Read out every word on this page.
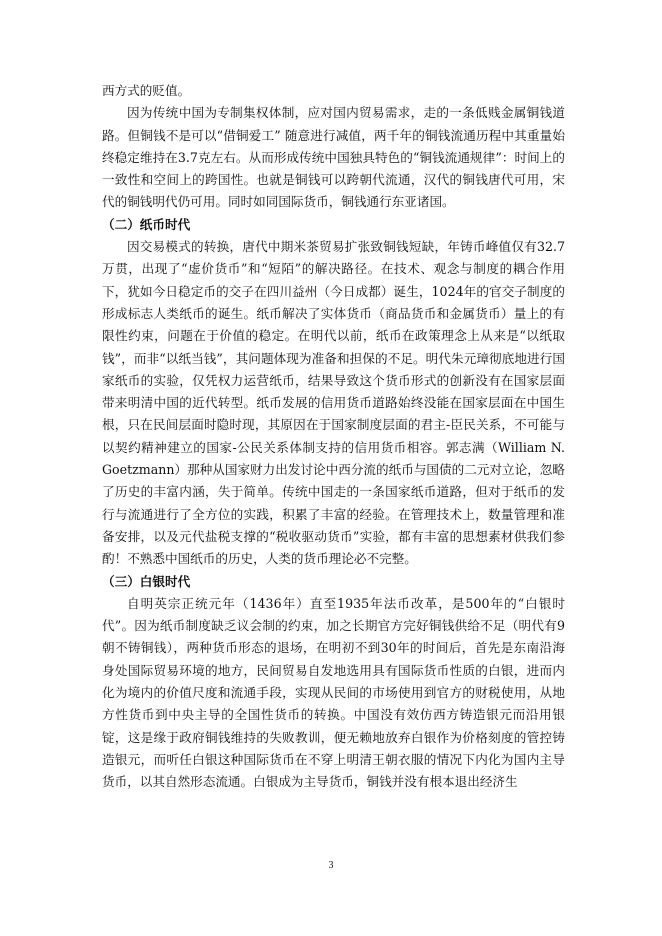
西方式的贬值。

因为传统中国为专制集权体制，应对国内贸易需求，走的一条低贱金属铜钱道路。但铜钱不是可以“借铜爱工” 随意进行减值，两千年的铜钱流通历程中其重量始终稳定维持在3.7克左右。从而形成传统中国独具特色的“铜钱流通规律”：时间上的一致性和空间上的跨国性。也就是铜钱可以跨朝代流通，汉代的铜钱唐代可用，宋代的铜钱明代仍可用。同时如同国际货币，铜钱通行东亚诸国。

（二）纸币时代

因交易模式的转换，唐代中期米茶贸易扩张致铜钱短缺，年铸币峰值仅有32.7万贯，出现了“虚价货币”和“短陌”的解决路径。在技术、观念与制度的耦合作用下，犹如今日稳定币的交子在四川益州（今日成都）诞生，1024年的官交子制度的形成标志人类纸币的诞生。纸币解决了实体货币（商品货币和金属货币）量上的有限性约束，问题在于价值的稳定。在明代以前，纸币在政策理念上从来是“以纸取钱”，而非“以纸当钱”，其问题体现为准备和担保的不足。明代朱元璋彻底地进行国家纸币的实验，仅凭权力运营纸币，结果导致这个货币形式的创新没有在国家层面带来明清中国的近代转型。纸币发展的信用货币道路始终没能在国家层面在中国生根，只在民间层面时隐时现，其原因在于国家制度层面的君主-臣民关系，不可能与以契约精神建立的国家-公民关系体制支持的信用货币相容。郭志满（William N. Goetzmann）那种从国家财力出发讨论中西分流的纸币与国债的二元对立论，忽略了历史的丰富内涵，失于简单。传统中国走的一条国家纸币道路，但对于纸币的发行与流通进行了全方位的实践，积累了丰富的经验。在管理技术上，数量管理和准备安排，以及元代盐税支撑的“税收驱动货币”实验，都有丰富的思想素材供我们参酌！不熟悉中国纸币的历史，人类的货币理论必不完整。

（三）白银时代

自明英宗正统元年（1436年）直至1935年法币改革，是500年的“白银时代”。因为纸币制度缺乏议会制的约束，加之长期官方完好铜钱供给不足（明代有9朝不铸铜钱），两种货币形态的退场，在明初不到30年的时间后，首先是东南沿海身处国际贸易环境的地方，民间贸易自发地选用具有国际货币性质的白银，进而内化为境内的价值尺度和流通手段，实现从民间的市场使用到官方的财税使用，从地方性货币到中央主导的全国性货币的转换。中国没有效仿西方铸造银元而沿用银锭，这是缘于政府铜钱维持的失败教训，便无赖地放弃白银作为价格刻度的管控铸造银元，而听任白银这种国际货币在不穿上明清王朝衣服的情况下内化为国内主导货币，以其自然形态流通。白银成为主导货币，铜钱并没有根本退出经济生

3
